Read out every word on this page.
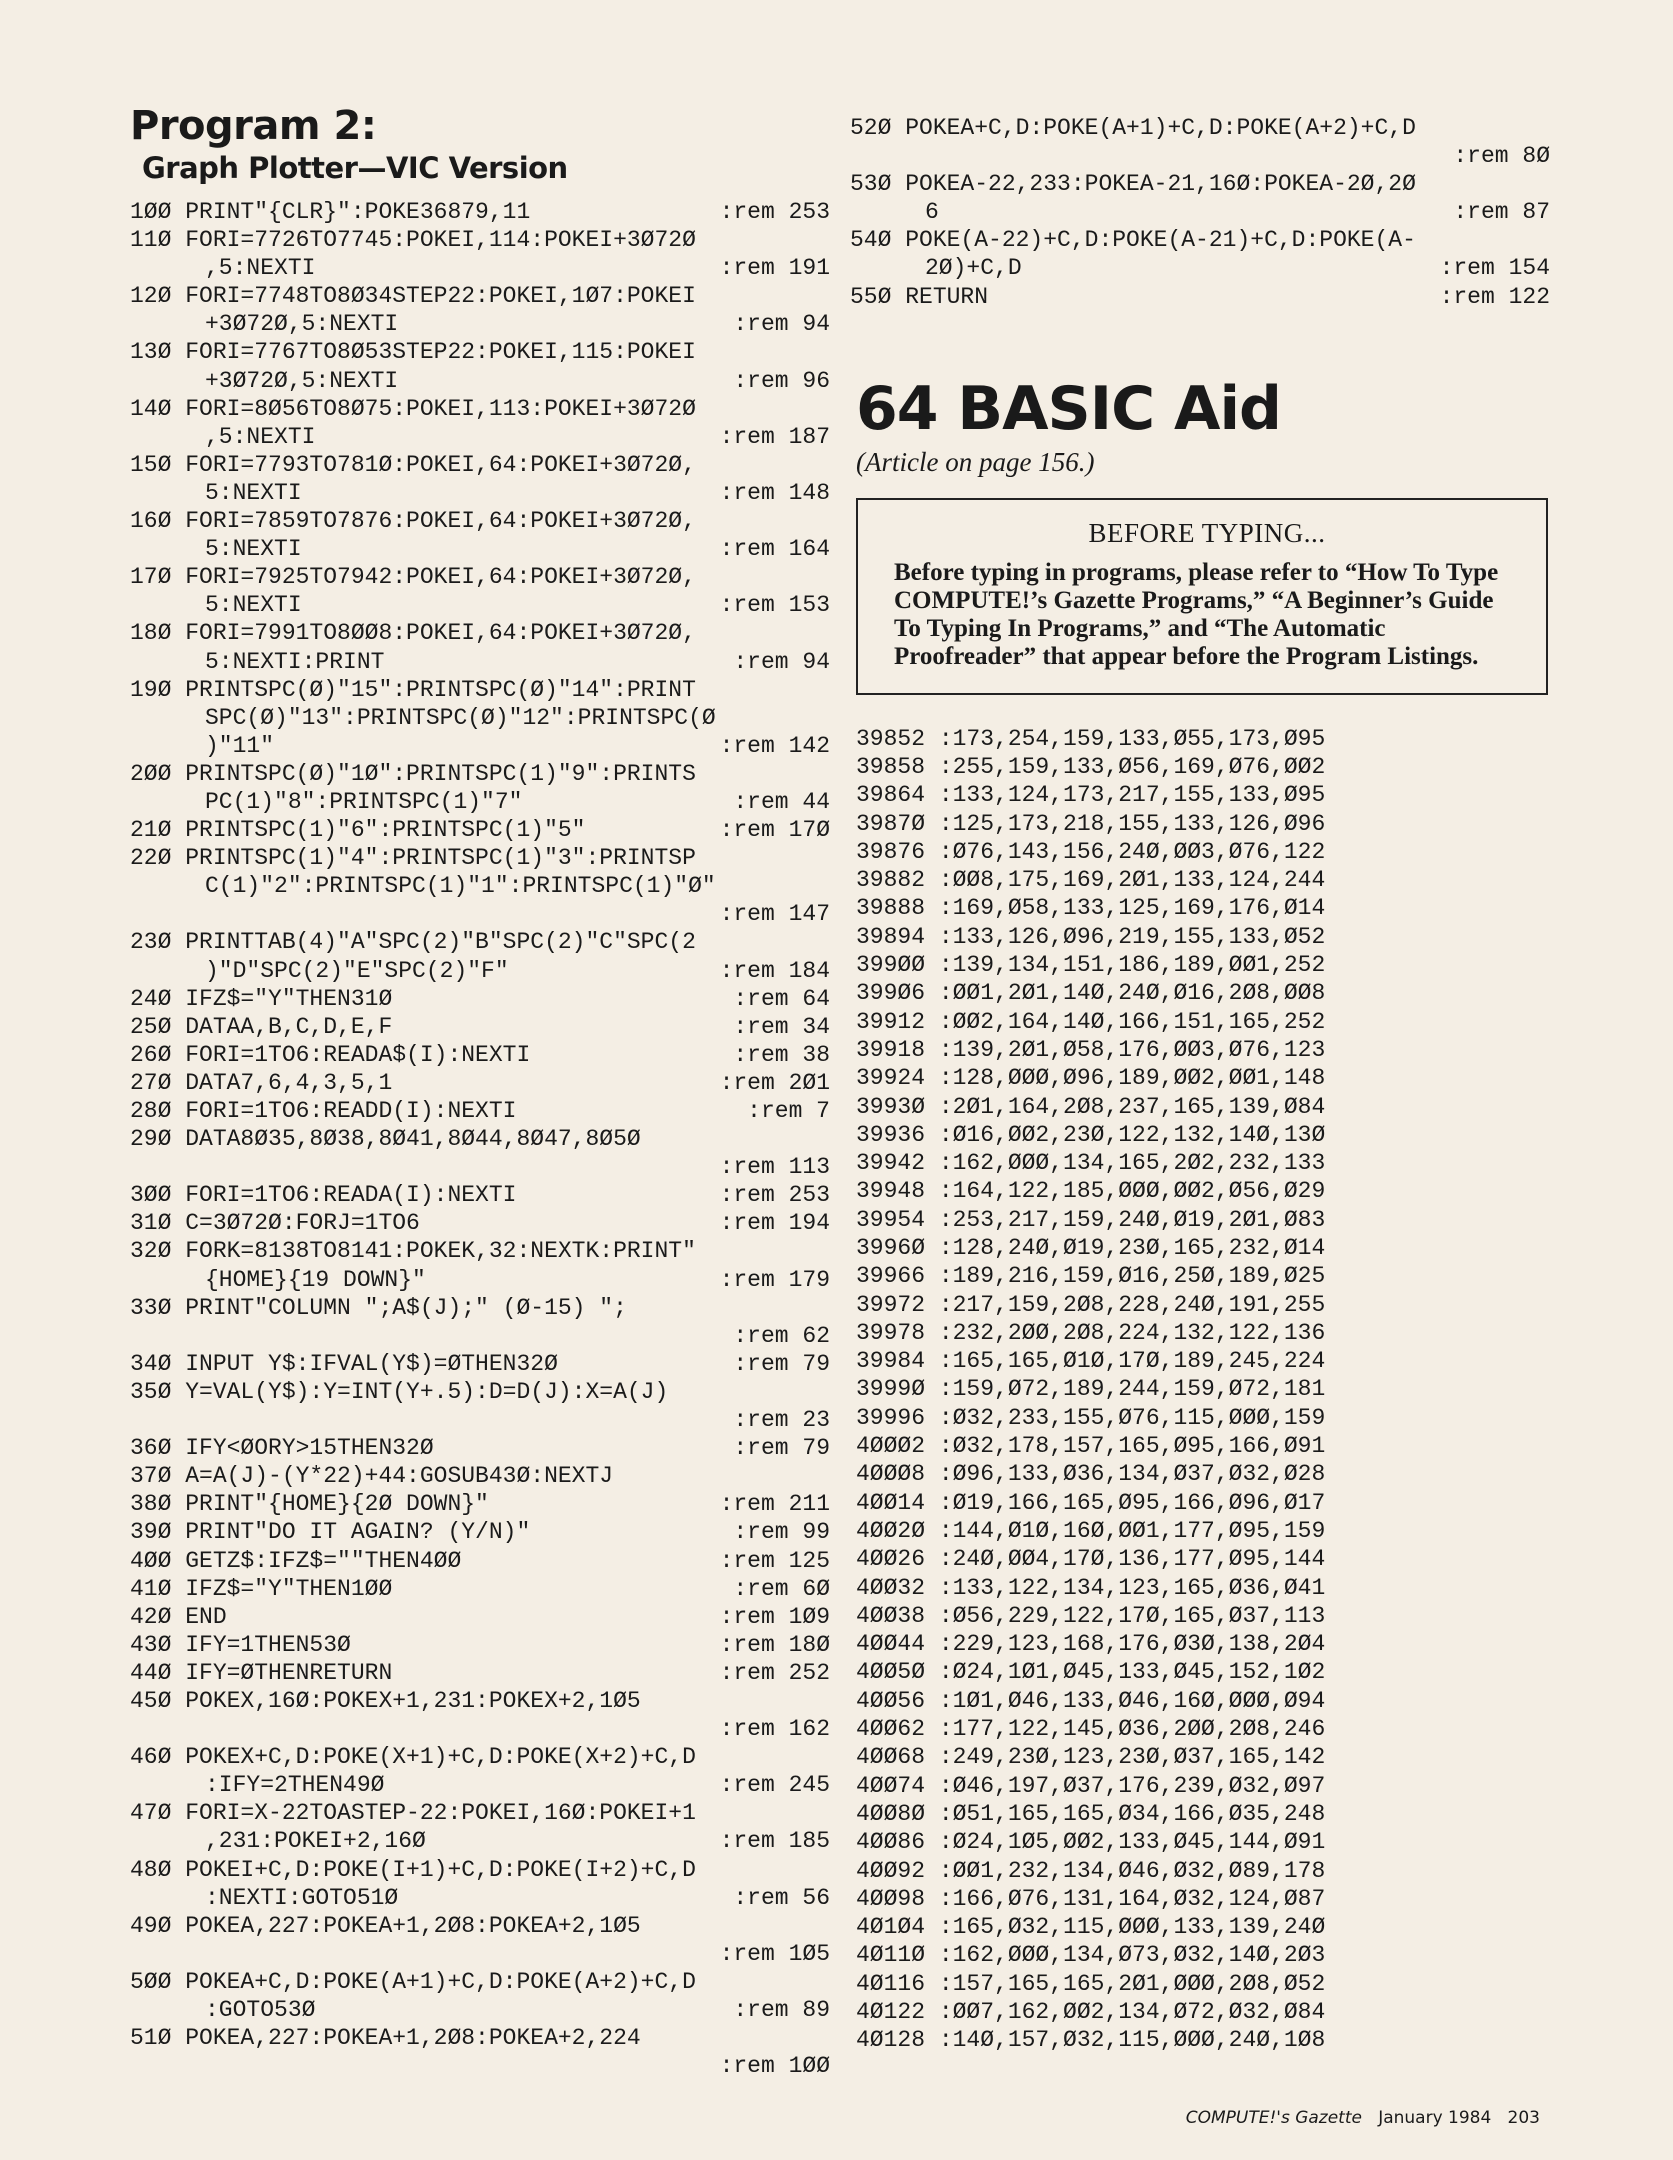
Program 2:
Graph Plotter—VIC Version
1ØØ PRINT"{CLR}":POKE36879,11	:rem 253
11Ø FORI=7726TO7745:POKEI,114:POKEI+3Ø72Ø
,5:NEXTI	:rem 191
12Ø FORI=7748TO8Ø34STEP22:POKEI,1Ø7:POKEI
+3Ø72Ø,5:NEXTI	:rem 94
13Ø FORI=7767TO8Ø53STEP22:POKEI,115:POKEI
+3Ø72Ø,5:NEXTI	:rem 96
14Ø FORI=8Ø56TO8Ø75:POKEI,113:POKEI+3Ø72Ø
,5:NEXTI	:rem 187
15Ø FORI=7793TO781Ø:POKEI,64:POKEI+3Ø72Ø,
5:NEXTI	:rem 148
16Ø FORI=7859TO7876:POKEI,64:POKEI+3Ø72Ø,
5:NEXTI	:rem 164
17Ø FORI=7925TO7942:POKEI,64:POKEI+3Ø72Ø,
5:NEXTI	:rem 153
18Ø FORI=7991TO8ØØ8:POKEI,64:POKEI+3Ø72Ø,
5:NEXTI:PRINT	:rem 94
19Ø PRINTSPC(Ø)"15":PRINTSPC(Ø)"14":PRINT
SPC(Ø)"13":PRINTSPC(Ø)"12":PRINTSPC(Ø
)"11"	:rem 142
2ØØ PRINTSPC(Ø)"1Ø":PRINTSPC(1)"9":PRINTS
PC(1)"8":PRINTSPC(1)"7"	:rem 44
21Ø PRINTSPC(1)"6":PRINTSPC(1)"5"	:rem 17Ø
22Ø PRINTSPC(1)"4":PRINTSPC(1)"3":PRINTSP
C(1)"2":PRINTSPC(1)"1":PRINTSPC(1)"Ø"
:rem 147
23Ø PRINTTAB(4)"A"SPC(2)"B"SPC(2)"C"SPC(2
)"D"SPC(2)"E"SPC(2)"F"	:rem 184
24Ø IFZ$="Y"THEN31Ø	:rem 64
25Ø DATAA,B,C,D,E,F	:rem 34
26Ø FORI=1TO6:READA$(I):NEXTI	:rem 38
27Ø DATA7,6,4,3,5,1	:rem 2Ø1
28Ø FORI=1TO6:READD(I):NEXTI	:rem 7
29Ø DATA8Ø35,8Ø38,8Ø41,8Ø44,8Ø47,8Ø5Ø
:rem 113
3ØØ FORI=1TO6:READA(I):NEXTI	:rem 253
31Ø C=3Ø72Ø:FORJ=1TO6	:rem 194
32Ø FORK=8138TO8141:POKEK,32:NEXTK:PRINT"
{HOME}{19 DOWN}"	:rem 179
33Ø PRINT"COLUMN ";A$(J);" (Ø-15) ";
:rem 62
34Ø INPUT Y$:IFVAL(Y$)=ØTHEN32Ø	:rem 79
35Ø Y=VAL(Y$):Y=INT(Y+.5):D=D(J):X=A(J)
:rem 23
36Ø IFY<ØORY>15THEN32Ø	:rem 79
37Ø A=A(J)-(Y*22)+44:GOSUB43Ø:NEXTJ
38Ø PRINT"{HOME}{2Ø DOWN}"	:rem 211
39Ø PRINT"DO IT AGAIN? (Y/N)"	:rem 99
4ØØ GETZ$:IFZ$=""THEN4ØØ	:rem 125
41Ø IFZ$="Y"THEN1ØØ	:rem 6Ø
42Ø END	:rem 1Ø9
43Ø IFY=1THEN53Ø	:rem 18Ø
44Ø IFY=ØTHENRETURN	:rem 252
45Ø POKEX,16Ø:POKEX+1,231:POKEX+2,1Ø5
:rem 162
46Ø POKEX+C,D:POKE(X+1)+C,D:POKE(X+2)+C,D
:IFY=2THEN49Ø	:rem 245
47Ø FORI=X-22TOASTEP-22:POKEI,16Ø:POKEI+1
,231:POKEI+2,16Ø	:rem 185
48Ø POKEI+C,D:POKE(I+1)+C,D:POKE(I+2)+C,D
:NEXTI:GOTO51Ø	:rem 56
49Ø POKEA,227:POKEA+1,2Ø8:POKEA+2,1Ø5
:rem 1Ø5
5ØØ POKEA+C,D:POKE(A+1)+C,D:POKE(A+2)+C,D
:GOTO53Ø	:rem 89
51Ø POKEA,227:POKEA+1,2Ø8:POKEA+2,224
:rem 1ØØ
52Ø POKEA+C,D:POKE(A+1)+C,D:POKE(A+2)+C,D
:rem 8Ø
53Ø POKEA-22,233:POKEA-21,16Ø:POKEA-2Ø,2Ø
6	:rem 87
54Ø POKE(A-22)+C,D:POKE(A-21)+C,D:POKE(A-
2Ø)+C,D	:rem 154
55Ø RETURN	:rem 122
64 BASIC Aid
(Article on page 156.)
BEFORE TYPING...
Before typing in programs, please refer to “How To Type COMPUTE!’s Gazette Programs,” “A Beginner’s Guide To Typing In Programs,” and “The Automatic Proofreader” that appear before the Program Listings.
39852 :173,254,159,133,Ø55,173,Ø95
39858 :255,159,133,Ø56,169,Ø76,ØØ2
39864 :133,124,173,217,155,133,Ø95
3987Ø :125,173,218,155,133,126,Ø96
39876 :Ø76,143,156,24Ø,ØØ3,Ø76,122
39882 :ØØ8,175,169,2Ø1,133,124,244
39888 :169,Ø58,133,125,169,176,Ø14
39894 :133,126,Ø96,219,155,133,Ø52
399ØØ :139,134,151,186,189,ØØ1,252
399Ø6 :ØØ1,2Ø1,14Ø,24Ø,Ø16,2Ø8,ØØ8
39912 :ØØ2,164,14Ø,166,151,165,252
39918 :139,2Ø1,Ø58,176,ØØ3,Ø76,123
39924 :128,ØØØ,Ø96,189,ØØ2,ØØ1,148
3993Ø :2Ø1,164,2Ø8,237,165,139,Ø84
39936 :Ø16,ØØ2,23Ø,122,132,14Ø,13Ø
39942 :162,ØØØ,134,165,2Ø2,232,133
39948 :164,122,185,ØØØ,ØØ2,Ø56,Ø29
39954 :253,217,159,24Ø,Ø19,2Ø1,Ø83
3996Ø :128,24Ø,Ø19,23Ø,165,232,Ø14
39966 :189,216,159,Ø16,25Ø,189,Ø25
39972 :217,159,2Ø8,228,24Ø,191,255
39978 :232,2ØØ,2Ø8,224,132,122,136
39984 :165,165,Ø1Ø,17Ø,189,245,224
3999Ø :159,Ø72,189,244,159,Ø72,181
39996 :Ø32,233,155,Ø76,115,ØØØ,159
4ØØØ2 :Ø32,178,157,165,Ø95,166,Ø91
4ØØØ8 :Ø96,133,Ø36,134,Ø37,Ø32,Ø28
4ØØ14 :Ø19,166,165,Ø95,166,Ø96,Ø17
4ØØ2Ø :144,Ø1Ø,16Ø,ØØ1,177,Ø95,159
4ØØ26 :24Ø,ØØ4,17Ø,136,177,Ø95,144
4ØØ32 :133,122,134,123,165,Ø36,Ø41
4ØØ38 :Ø56,229,122,17Ø,165,Ø37,113
4ØØ44 :229,123,168,176,Ø3Ø,138,2Ø4
4ØØ5Ø :Ø24,1Ø1,Ø45,133,Ø45,152,1Ø2
4ØØ56 :1Ø1,Ø46,133,Ø46,16Ø,ØØØ,Ø94
4ØØ62 :177,122,145,Ø36,2ØØ,2Ø8,246
4ØØ68 :249,23Ø,123,23Ø,Ø37,165,142
4ØØ74 :Ø46,197,Ø37,176,239,Ø32,Ø97
4ØØ8Ø :Ø51,165,165,Ø34,166,Ø35,248
4ØØ86 :Ø24,1Ø5,ØØ2,133,Ø45,144,Ø91
4ØØ92 :ØØ1,232,134,Ø46,Ø32,Ø89,178
4ØØ98 :166,Ø76,131,164,Ø32,124,Ø87
4Ø1Ø4 :165,Ø32,115,ØØØ,133,139,24Ø
4Ø11Ø :162,ØØØ,134,Ø73,Ø32,14Ø,2Ø3
4Ø116 :157,165,165,2Ø1,ØØØ,2Ø8,Ø52
4Ø122 :ØØ7,162,ØØ2,134,Ø72,Ø32,Ø84
4Ø128 :14Ø,157,Ø32,115,ØØØ,24Ø,1Ø8
COMPUTE!'s Gazette January 1984 203
